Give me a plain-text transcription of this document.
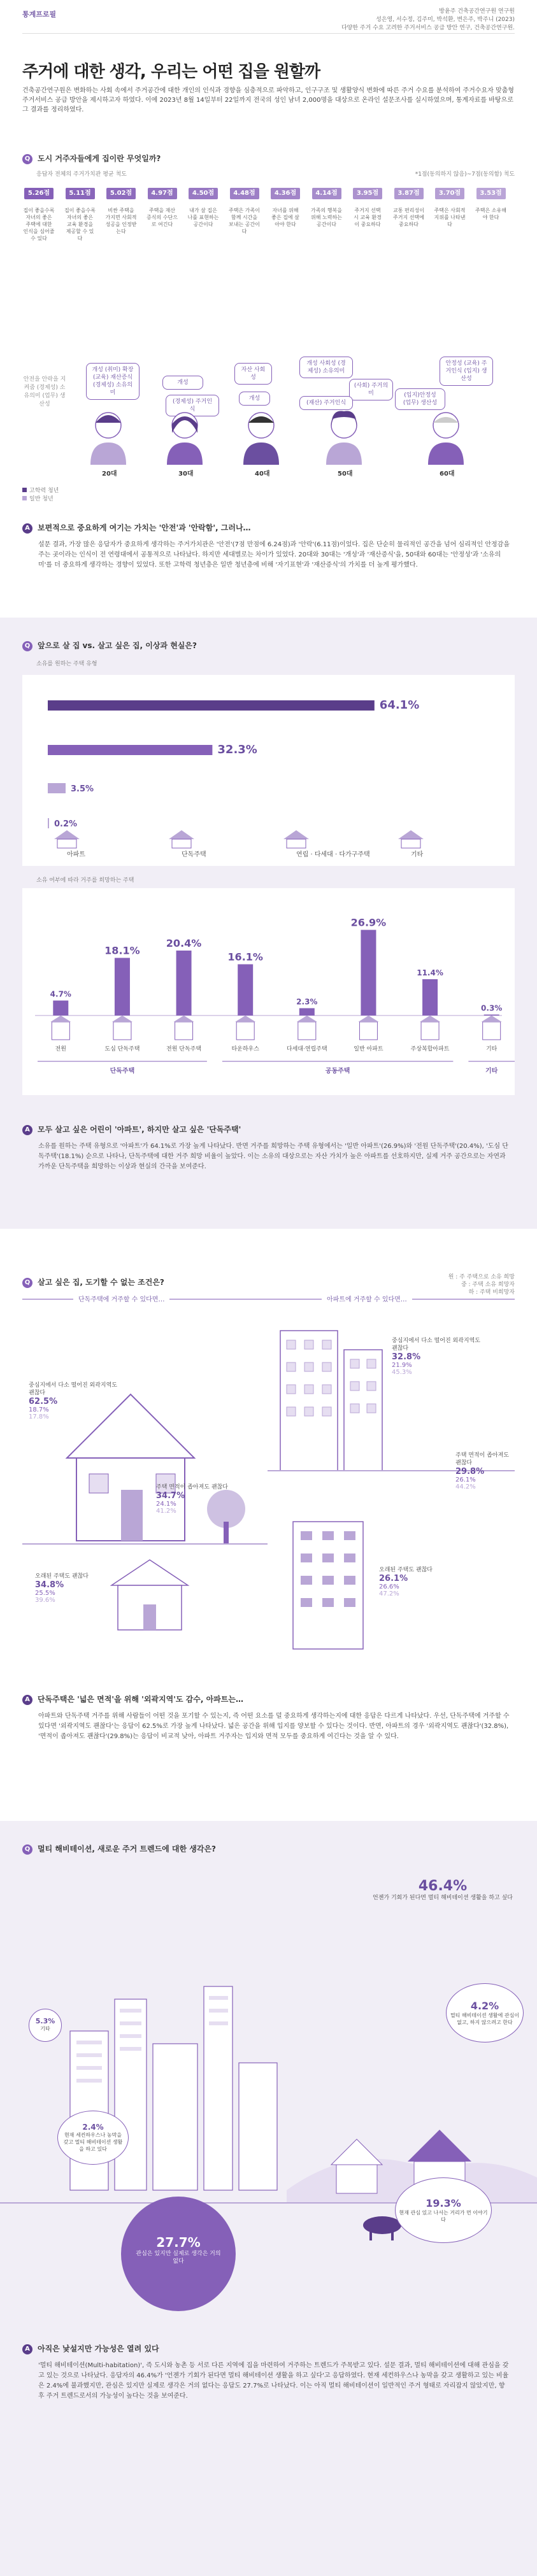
통계프로필	방윤주 건축공간연구원 연구원
성은영, 서수정, 김주미, 박석환, 변은주, 박주니 (2023)
다양한 주거 수요 고려한 주거서비스 공급 방안 연구, 건축공간연구원.
주거에 대한 생각, 우리는 어떤 집을 원할까
건축공간연구원은 변화하는 사회 속에서 주거공간에 대한 개인의 인식과 경향을 심층적으로 파악하고, 인구구조 및 생활양식 변화에 따른 주거 수요를 분석하여 주거수요자 맞춤형 주거서비스 공급 방안을 제시하고자 하였다. 이에 2023년 8월 14일부터 22일까지 전국의 성인 남녀 2,000명을 대상으로 온라인 설문조사를 실시하였으며, 통계자료를 바탕으로 그 결과를 정리하였다.
Q 도시 거주자들에게 집이란 무엇일까?
응답자 전체의 주거가치관 평균 척도	*1점(동의하지 않음)~7점(동의함) 척도
5.26점
집이 좋을수록 자녀의 좋은 주택에 대한 인식을 심어줄 수 있다
5.11점
집이 좋을수록 자녀의 좋은 교육 환경을 제공할 수 있다
5.02점
비싼 주택을 가지면 사회적 성공을 인정받는다
4.97점
주택을 재산 증식의 수단으로 여긴다
4.50점
내가 살 집은 나를 표현하는 공간이다
4.48점
주택은 가족이 함께 시간을 보내는 공간이다
4.36점
자녀를 위해 좋은 집에 살아야 한다
4.14점
가족의 행복을 위해 노력하는 공간이다
3.95점
주거지 선택 시 교육 환경이 중요하다
3.87점
교통 편리성이 주거지 선택에 중요하다
3.70점
주택은 사회적 지위를 나타낸다
3.53점
주택은 소유해야 한다
안전을 안락을 지켜줌 (경제성) 소유의미 (업무) 생산성
개성 (취미) 확장 (교육) 재산증식 (경제성) 소유의미
20대
개성
(경제성) 주거인식
30대
자산 사회성
개성
40대
개성 사회성 (경제성) 소유의미
(사회) 주거의미
(재산) 주거인식
50대
안정성 (교육) 주거인식 (입지) 생산성
(입지)안정성 (업무) 생산성
60대
고학력 청년
일반 청년
A 보편적으로 중요하게 여기는 가치는 '안전'과 '안락함', 그러나…
설문 결과, 가장 많은 응답자가 중요하게 생각하는 주거가치관은 '안전'(7점 만점에 6.24점)과 '안락'(6.11점)이었다. 집은 단순히 물리적인 공간을 넘어 심리적인 안정감을 주는 곳이라는 인식이 전 연령대에서 공통적으로 나타났다. 하지만 세대별로는 차이가 있었다. 20대와 30대는 '개성'과 '재산증식'을, 50대와 60대는 '안정성'과 '소유의미'를 더 중요하게 생각하는 경향이 있었다. 또한 고학력 청년층은 일반 청년층에 비해 '자기표현'과 '재산증식'의 가치를 더 높게 평가했다.
Q 앞으로 살 집 vs. 살고 싶은 집, 이상과 현실은?
소유를 원하는 주택 유형
64.1%
아파트
32.3%
단독주택
3.5%
연립 · 다세대 · 다가구주택
0.2%
기타
소유 여부에 따라 거주를 희망하는 주택
4.7%
전원
18.1%
도심 단독주택
20.4%
전원 단독주택
16.1%
타운하우스
2.3%
다세대·연립주택
26.9%
일반 아파트
11.4%
주상복합아파트
0.3%
기타
단독주택	공동주택	기타
A 모두 살고 싶은 어린이 '아파트', 하지만 살고 싶은 '단독주택'
소유를 원하는 주택 유형으로 '아파트'가 64.1%로 가장 높게 나타났다. 반면 거주를 희망하는 주택 유형에서는 '일반 아파트'(26.9%)와 '전원 단독주택'(20.4%), '도심 단독주택'(18.1%) 순으로 나타나, 단독주택에 대한 거주 희망 비율이 높았다. 이는 소유의 대상으로는 자산 가치가 높은 아파트를 선호하지만, 실제 거주 공간으로는 자연과 가까운 단독주택을 희망하는 이상과 현실의 간극을 보여준다.
Q 살고 싶은 집, 도기할 수 없는 조건은?
원 : 주 주택으로 소유 희망
중 : 주택 소유 희망자
하 : 주택 비희망자
단독주택에 거주할 수 있다면…	아파트에 거주할 수 있다면…
중심지에서 다소 떨어진 외곽지역도 괜찮다
62.5%
18.7%
17.8%
주택 면적이 좁아져도 괜찮다
34.7%
24.1%
41.2%
오래된 주택도 괜찮다
34.8%
25.5%
39.6%
중심지에서 다소 떨어진 외곽지역도 괜찮다
32.8%
21.9%
45.3%
주택 면적이 좁아져도 괜찮다
29.8%
26.1%
44.2%
오래된 주택도 괜찮다
26.1%
26.6%
47.2%
A 단독주택은 '넓은 면적'을 위해 '외곽지역'도 감수, 아파트는…
아파트와 단독주택 거주를 위해 사람들이 어떤 것을 포기할 수 있는지, 즉 어떤 요소를 덜 중요하게 생각하는지에 대한 응답은 다르게 나타났다. 우선, 단독주택에 거주할 수 있다면 '외곽지역도 괜찮다'는 응답이 62.5%로 가장 높게 나타났다. 넓은 공간을 위해 입지를 양보할 수 있다는 것이다. 반면, 아파트의 경우 '외곽지역도 괜찮다'(32.8%), '면적이 좁아져도 괜찮다'(29.8%)는 응답이 비교적 낮아, 아파트 거주자는 입지와 면적 모두를 중요하게 여긴다는 것을 알 수 있다.
Q 멀티 해비테이션, 새로운 주거 트렌드에 대한 생각은?
46.4%
언젠가 기회가 된다면 멀티 해비테이션 생활을 하고 싶다
4.2%
멀티 해비테이션 생활에 관심이 없고, 하지 않으려고 한다
5.3%
기타
2.4%
현재 세컨하우스나 농막을 갖고 멀티 해비테이션 생활을 하고 있다
19.3%
현재 관심 있고 나서는 거리가 먼 이야기다
27.7%
관심은 있지만 실제로 생각은 거의 없다
A 아직은 낯설지만 가능성은 열려 있다
'멀티 해비테이션(Multi-habitation)', 즉 도시와 농촌 등 서로 다른 지역에 집을 마련하여 거주하는 트렌드가 주목받고 있다. 설문 결과, 멀티 해비테이션에 대해 관심을 갖고 있는 것으로 나타났다. 응답자의 46.4%가 '언젠가 기회가 된다면 멀티 해비테이션 생활을 하고 싶다'고 응답하였다. 현재 세컨하우스나 농막을 갖고 생활하고 있는 비율은 2.4%에 불과했지만, 관심은 있지만 실제로 생각은 거의 없다는 응답도 27.7%로 나타났다. 이는 아직 멀티 해비테이션이 일반적인 주거 형태로 자리잡지 않았지만, 향후 주거 트렌드로서의 가능성이 높다는 것을 보여준다.
